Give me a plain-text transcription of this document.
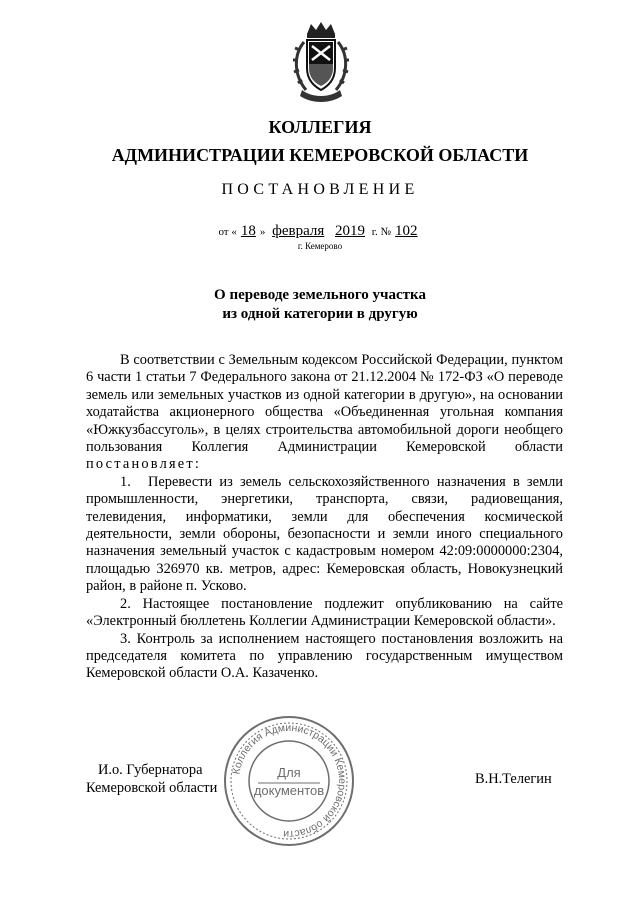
КОЛЛЕГИЯ
АДМИНИСТРАЦИИ КЕМЕРОВСКОЙ ОБЛАСТИ
ПОСТАНОВЛЕНИЕ
от « 18 » февраля 2019 г. № 102
г. Кемерово
О переводе земельного участка
из одной категории в другую

В соответствии с Земельным кодексом Российской Федерации, пунктом 6 части 1 статьи 7 Федерального закона от 21.12.2004 № 172-ФЗ «О переводе земель или земельных участков из одной категории в другую», на основании ходатайства акционерного общества «Объединенная угольная компания «Южкузбассуголь», в целях строительства автомобильной дороги необщего пользования Коллегия Администрации Кемеровской области постановляет:

1. Перевести из земель сельскохозяйственного назначения в земли промышленности, энергетики, транспорта, связи, радиовещания, телевидения, информатики, земли для обеспечения космической деятельности, земли обороны, безопасности и земли иного специального назначения земельный участок с кадастровым номером 42:09:0000000:2304, площадью 326970 кв. метров, адрес: Кемеровская область, Новокузнецкий район, в районе п. Усково.

2. Настоящее постановление подлежит опубликованию на сайте «Электронный бюллетень Коллегии Администрации Кемеровской области».

3. Контроль за исполнением настоящего постановления возложить на председателя комитета по управлению государственным имуществом Кемеровской области О.А. Казаченко.

И.о. Губернатора
Кемеровской области
В.Н.Телегин
Коллегия Администрации Кемеровской области
Для
документов
